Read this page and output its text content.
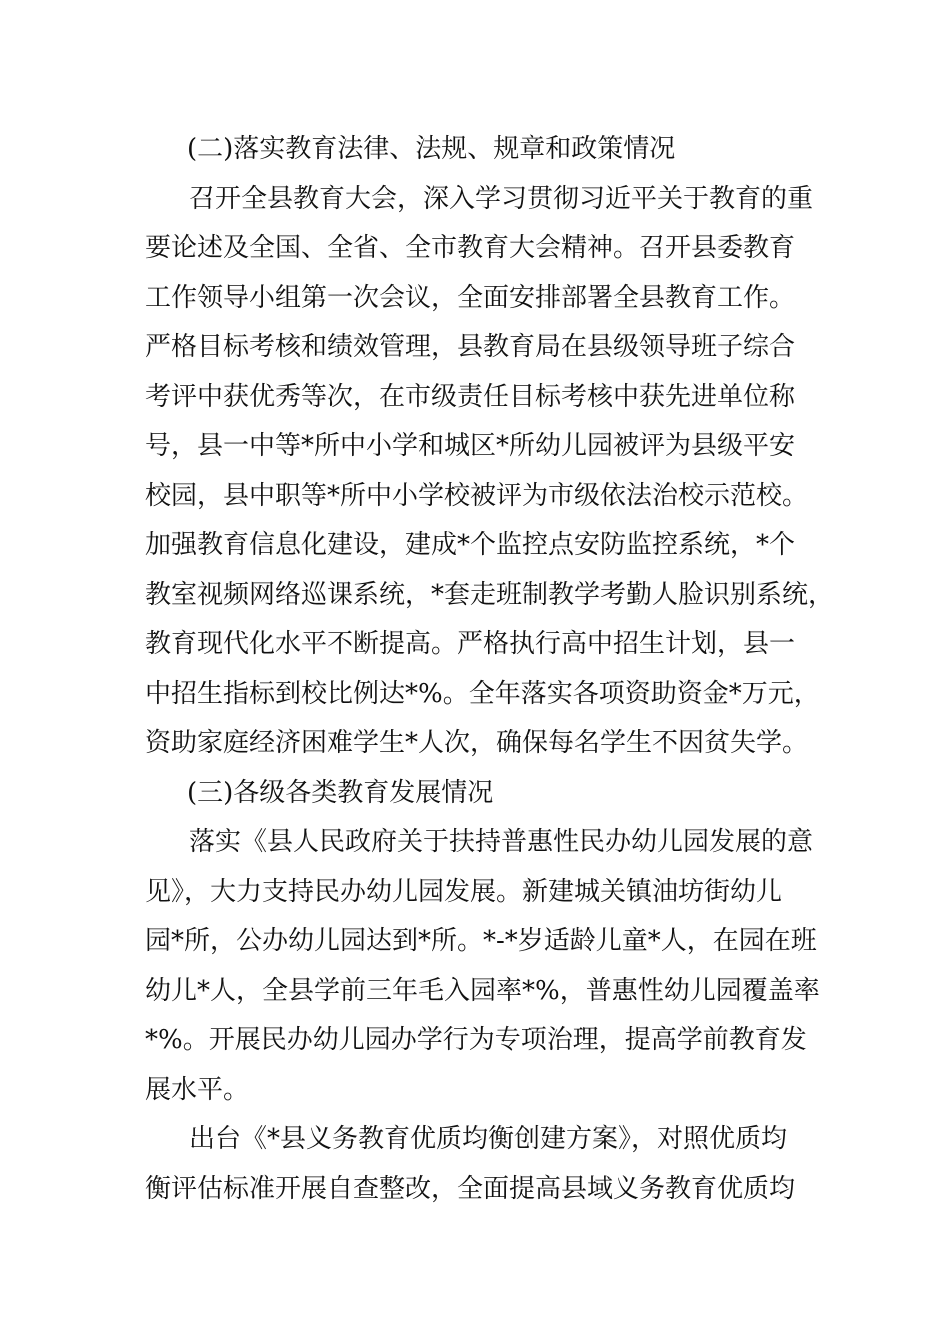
(二)落实教育法律、法规、规章和政策情况
召开全县教育大会，深入学习贯彻习近平关于教育的重
要论述及全国、全省、全市教育大会精神。召开县委教育
工作领导小组第一次会议，全面安排部署全县教育工作。
严格目标考核和绩效管理，县教育局在县级领导班子综合
考评中获优秀等次，在市级责任目标考核中获先进单位称
号，县一中等*所中小学和城区*所幼儿园被评为县级平安
校园，县中职等*所中小学校被评为市级依法治校示范校。
加强教育信息化建设，建成*个监控点安防监控系统，*个
教室视频网络巡课系统，*套走班制教学考勤人脸识别系统，
教育现代化水平不断提高。严格执行高中招生计划，县一
中招生指标到校比例达*%。全年落实各项资助资金*万元，
资助家庭经济困难学生*人次，确保每名学生不因贫失学。
(三)各级各类教育发展情况
落实《县人民政府关于扶持普惠性民办幼儿园发展的意
见》，大力支持民办幼儿园发展。新建城关镇油坊街幼儿
园*所，公办幼儿园达到*所。*-*岁适龄儿童*人，在园在班
幼儿*人，全县学前三年毛入园率*%，普惠性幼儿园覆盖率
*%。开展民办幼儿园办学行为专项治理，提高学前教育发
展水平。
出台《*县义务教育优质均衡创建方案》，对照优质均
衡评估标准开展自查整改，全面提高县域义务教育优质均
